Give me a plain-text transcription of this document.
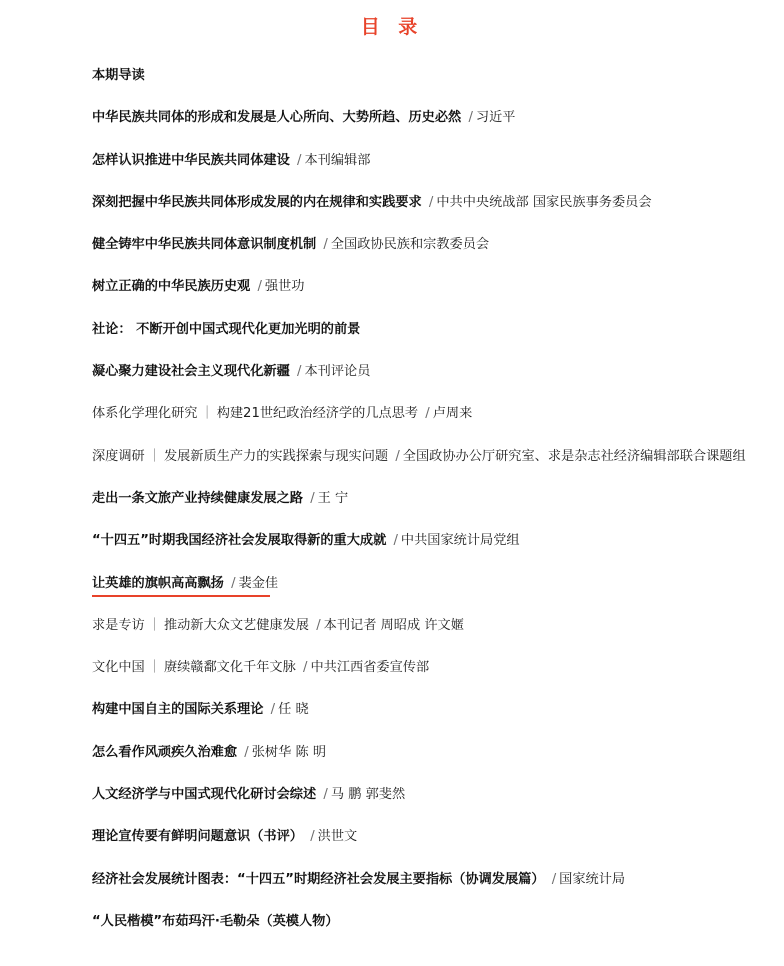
目 录
本期导读
中华民族共同体的形成和发展是人心所向、大势所趋、历史必然 / 习近平
怎样认识推进中华民族共同体建设 / 本刊编辑部
深刻把握中华民族共同体形成发展的内在规律和实践要求 / 中共中央统战部 国家民族事务委员会
健全铸牢中华民族共同体意识制度机制 / 全国政协民族和宗教委员会
树立正确的中华民族历史观 / 强世功
社论： 不断开创中国式现代化更加光明的前景
凝心聚力建设社会主义现代化新疆 / 本刊评论员
体系化学理化研究 ｜ 构建21世纪政治经济学的几点思考 / 卢周来
深度调研 ｜ 发展新质生产力的实践探索与现实问题 / 全国政协办公厅研究室、求是杂志社经济编辑部联合课题组
走出一条文旅产业持续健康发展之路 / 王 宁
“十四五”时期我国经济社会发展取得新的重大成就 / 中共国家统计局党组
让英雄的旗帜高高飘扬 / 裴金佳
求是专访 ｜ 推动新大众文艺健康发展 / 本刊记者 周昭成 许文嫟
文化中国 ｜ 赓续赣鄱文化千年文脉 / 中共江西省委宣传部
构建中国自主的国际关系理论 / 任 晓
怎么看作风顽疾久治难愈 / 张树华 陈 明
人文经济学与中国式现代化研讨会综述 / 马 鹏 郭斐然
理论宣传要有鲜明问题意识（书评） / 洪世文
经济社会发展统计图表：“十四五”时期经济社会发展主要指标（协调发展篇） / 国家统计局
“人民楷模”布茹玛汗·毛勒朵（英模人物）
